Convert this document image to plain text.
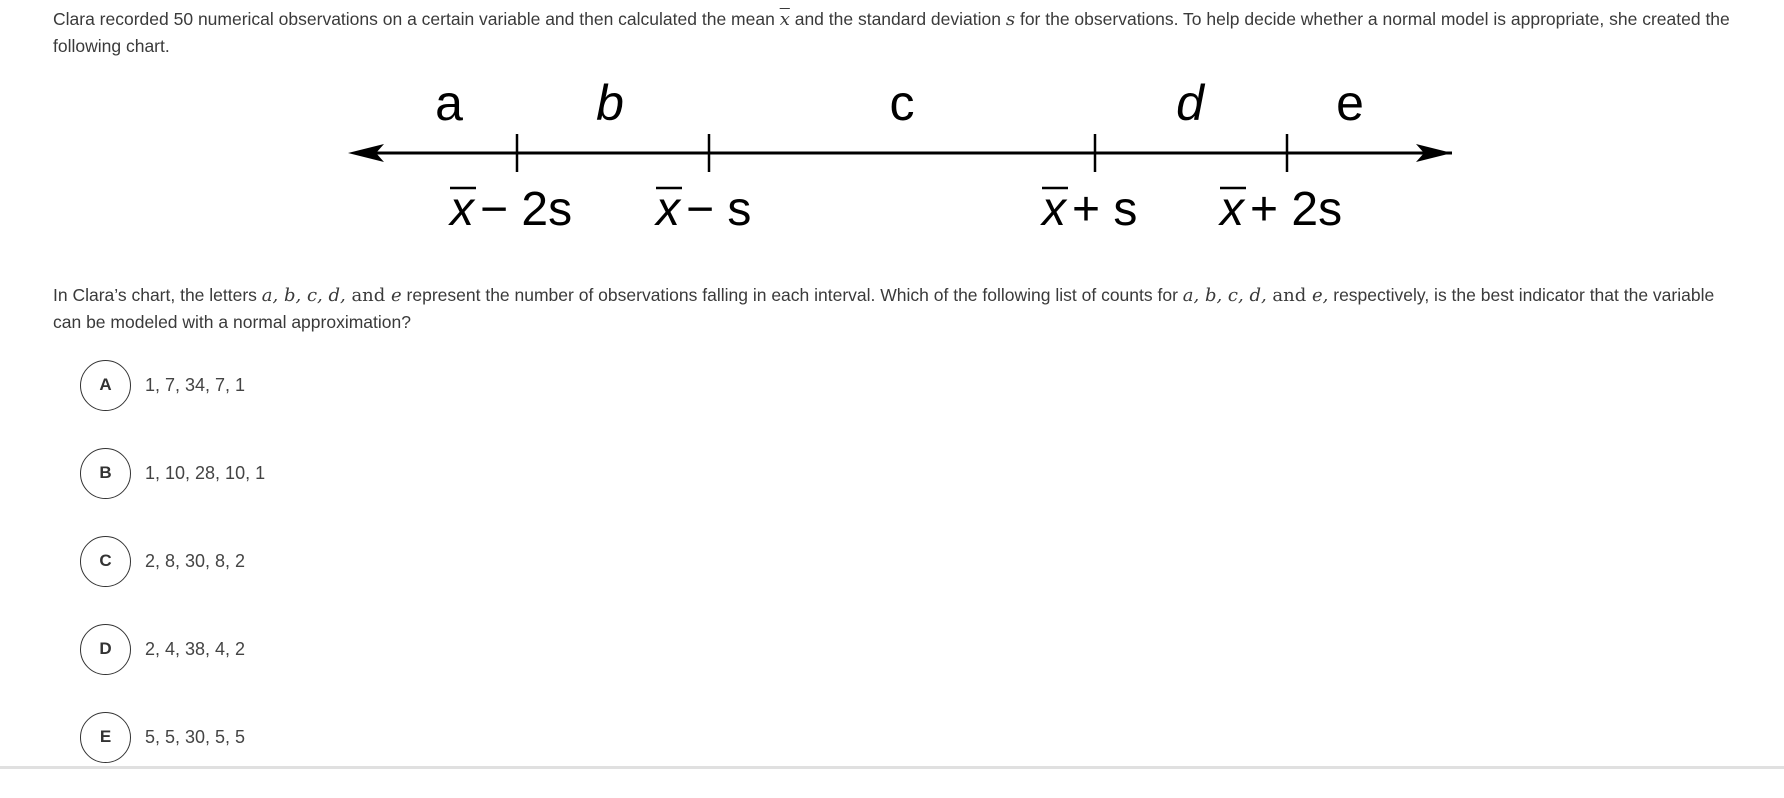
Clara recorded 50 numerical observations on a certain variable and then calculated the mean $\overline{x}$ and the standard deviation s for the observations. To help decide whether a normal model is appropriate, she created the following chart.
a	b	c	d	e
x − 2s x − s	x + s x + 2s
In Clara’s chart, the letters a, b, c, d, and e represent the number of observations falling in each interval. Which of the following list of counts for a, b, c, d, and e, respectively, is the best indicator that the variable can be modeled with a normal approximation?
A	1, 7, 34, 7, 1
B	1, 10, 28, 10, 1
C	2, 8, 30, 8, 2
D	2, 4, 38, 4, 2
E	5, 5, 30, 5, 5
